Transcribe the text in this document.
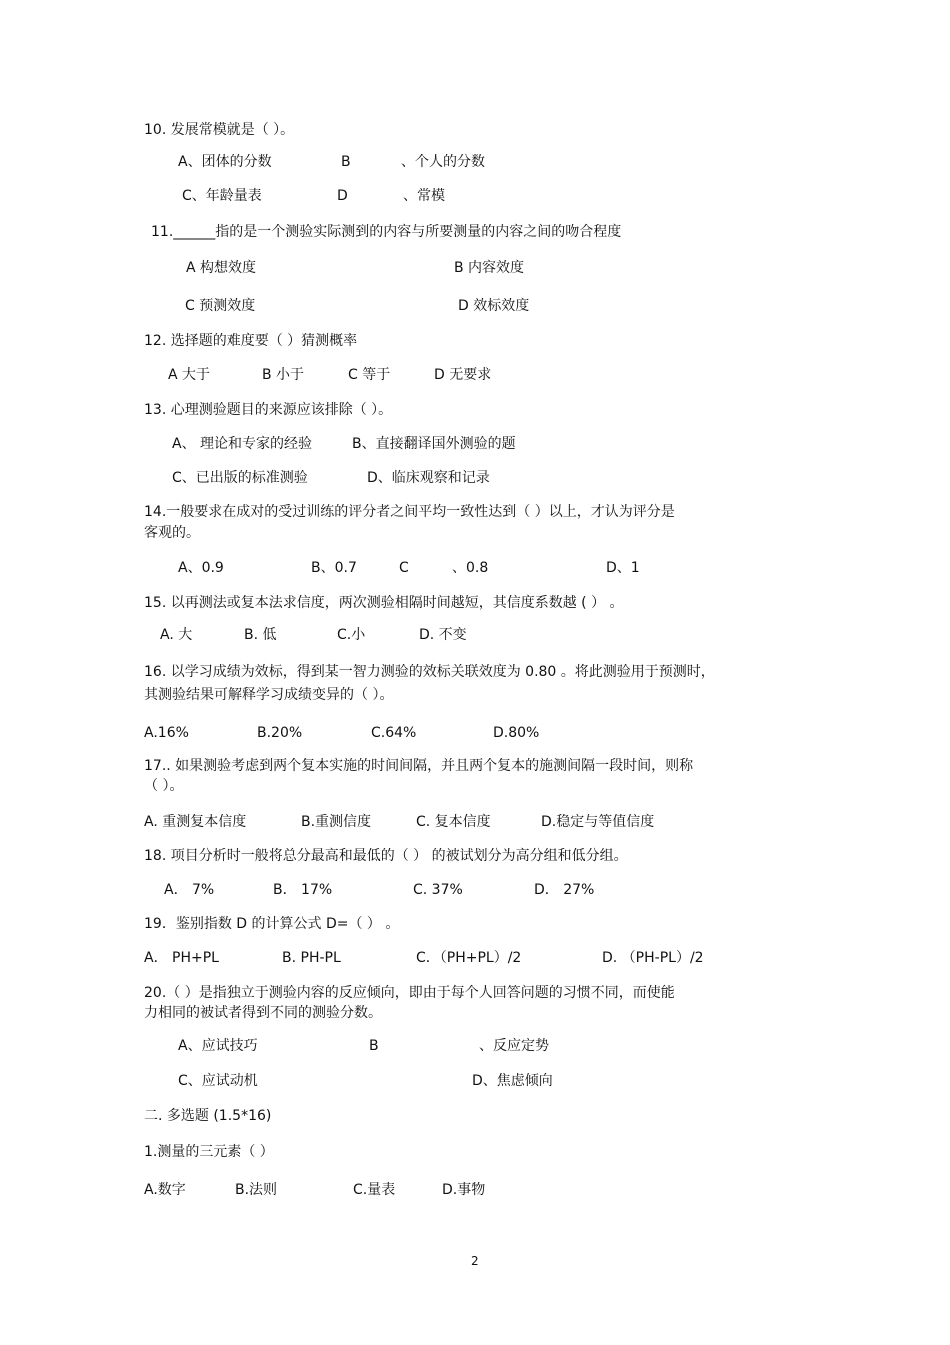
10. 发展常模就是（ ）。
A、团体的分数	B	、个人的分数
C、年龄量表	D	、常模
11.______指的是一个测验实际测到的内容与所要测量的内容之间的吻合程度
A 构想效度	B 内容效度
C 预测效度	D 效标效度
12. 选择题的难度要（ ）猜测概率
A 大于	B 小于	C 等于	D 无要求
13. 心理测验题目的来源应该排除（ ）。
A、 理论和专家的经验	B、直接翻译国外测验的题
C、已出版的标准测验	D、临床观察和记录
14.一般要求在成对的受过训练的评分者之间平均一致性达到（ ）以上，才认为评分是
客观的。
A、0.9	B、0.7	C	、0.8	D、1
15. 以再测法或复本法求信度，两次测验相隔时间越短，其信度系数越 ( ） 。
A. 大	B. 低	C.小	D. 不变
16. 以学习成绩为效标，得到某一智力测验的效标关联效度为 0.80 。将此测验用于预测时，
其测验结果可解释学习成绩变异的（ ）。
A.16%	B.20%	C.64%	D.80%
17.. 如果测验考虑到两个复本实施的时间间隔，并且两个复本的施测间隔一段时间，则称
（ ）。
A. 重测复本信度	B.重测信度	C. 复本信度	D.稳定与等值信度
18. 项目分析时一般将总分最高和最低的（ ） 的被试划分为高分组和低分组。
A． 7%	B． 17%	C. 37%	D． 27%
19．鉴别指数 D 的计算公式 D=（ ） 。
A． PH+PL	B. PH-PL	C．（PH+PL）/2	D. （PH-PL）/2
20.（ ）是指独立于测验内容的反应倾向，即由于每个人回答问题的习惯不同，而使能
力相同的被试者得到不同的测验分数。
A、应试技巧	B	、反应定势
C、应试动机	D、焦虑倾向
二. 多选题 (1.5*16)
1.测量的三元素（ ）
A.数字	B.法则	C.量表	D.事物
2
